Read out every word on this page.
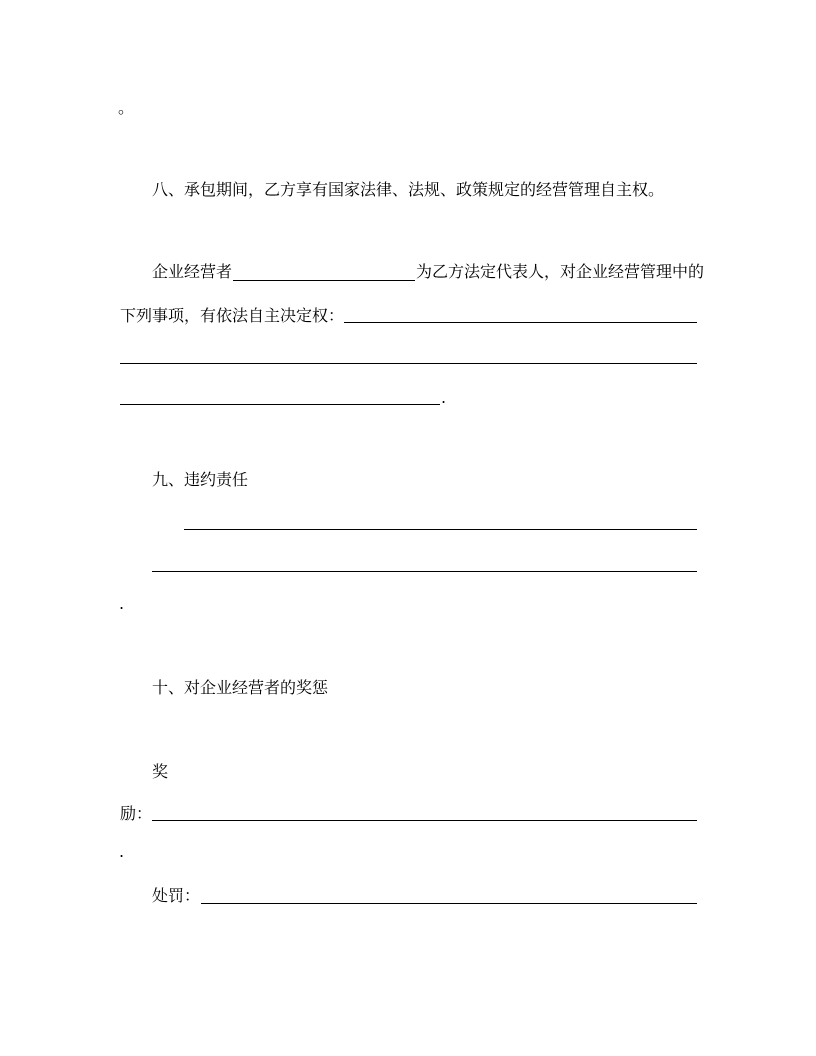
。
八、承包期间，乙方享有国家法律、法规、政策规定的经营管理自主权。
企业经营者	为乙方法定代表人，对企业经营管理中的
下列事项，有依法自主决定权：
.
九、违约责任
.
十、对企业经营者的奖惩
奖
励：
.
处罚：
